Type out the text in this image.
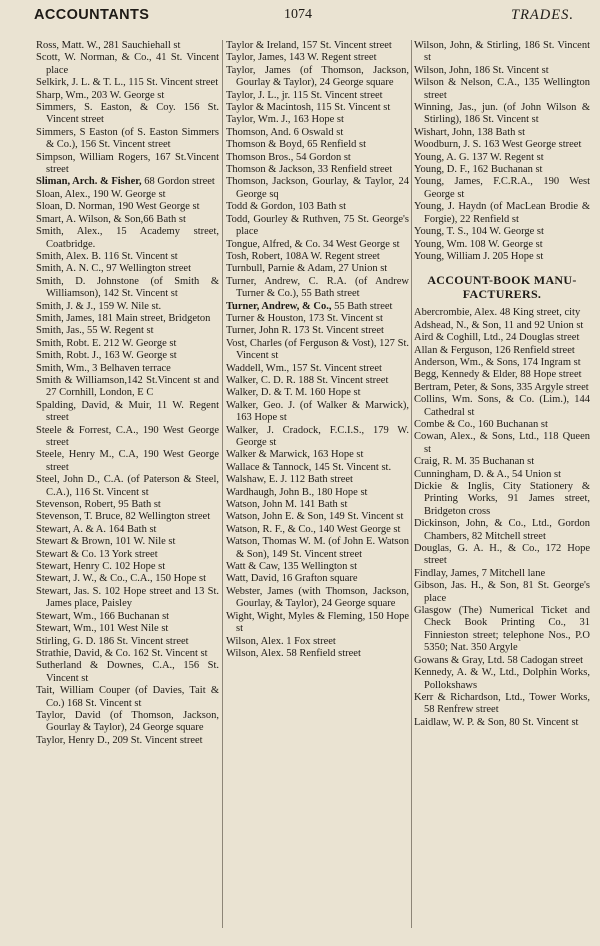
ACCOUNTANTS	1074	TRADES.

Ross, Matt. W., 281 Sauchiehall st

Scott, W. Norman, & Co., 41 St. Vincent place

Selkirk, J. L. & T. L., 115 St. Vincent street

Sharp, Wm., 203 W. George st

Simmers, S. Easton, & Coy. 156 St. Vincent street

Simmers, S Easton (of S. Easton Simmers & Co.), 156 St. Vincent street

Simpson, William Rogers, 167 St.Vincent street

Sliman, Arch. & Fisher, 68 Gordon street

Sloan, Alex., 190 W. George st

Sloan, D. Norman, 190 West George st

Smart, A. Wilson, & Son,66 Bath st

Smith, Alex., 15 Academy street, Coatbridge.

Smith, Alex. B. 116 St. Vincent st

Smith, A. N. C., 97 Wellington street

Smith, D. Johnstone (of Smith & Williamson), 142 St. Vincent st

Smith, J. & J., 159 W. Nile st.

Smith, James, 181 Main street, Bridgeton

Smith, Jas., 55 W. Regent st

Smith, Robt. E. 212 W. George st

Smith, Robt. J., 163 W. George st

Smith, Wm., 3 Belhaven terrace

Smith & Williamson,142 St.Vincent st and 27 Cornhill, London, E C

Spalding, David, & Muir, 11 W. Regent street

Steele & Forrest, C.A., 190 West George street

Steele, Henry M., C.A, 190 West George street

Steel, John D., C.A. (of Paterson & Steel, C.A.), 116 St. Vincent st

Stevenson, Robert, 95 Bath st

Stevenson, T. Bruce, 82 Wellington street

Stewart, A. & A. 164 Bath st

Stewart & Brown, 101 W. Nile st

Stewart & Co. 13 York street

Stewart, Henry C. 102 Hope st

Stewart, J. W., & Co., C.A., 150 Hope st

Stewart, Jas. S. 102 Hope street and 13 St. James place, Paisley

Stewart, Wm., 166 Buchanan st

Stewart, Wm., 101 West Nile st

Stirling, G. D. 186 St. Vincent street

Strathie, David, & Co. 162 St. Vincent st

Sutherland & Downes, C.A., 156 St. Vincent st

Tait, William Couper (of Davies, Tait & Co.) 168 St. Vincent st

Taylor, David (of Thomson, Jackson, Gourlay & Taylor), 24 George square

Taylor, Henry D., 209 St. Vincent street

Taylor & Ireland, 157 St. Vincent street

Taylor, James, 143 W. Regent street

Taylor, James (of Thomson, Jackson, Gourlay & Taylor), 24 George square

Taylor, J. L., jr. 115 St. Vincent street

Taylor & Macintosh, 115 St. Vincent st

Taylor, Wm. J., 163 Hope st

Thomson, And. 6 Oswald st

Thomson & Boyd, 65 Renfield st

Thomson Bros., 54 Gordon st

Thomson & Jackson, 33 Renfield street

Thomson, Jackson, Gourlay, & Taylor, 24 George sq

Todd & Gordon, 103 Bath st

Todd, Gourley & Ruthven, 75 St. George's place

Tongue, Alfred, & Co. 34 West George st

Tosh, Robert, 108A W. Regent street

Turnbull, Parnie & Adam, 27 Union st

Turner, Andrew, C. R.A. (of Andrew Turner & Co.), 55 Bath street

Turner, Andrew, & Co., 55 Bath street

Turner & Houston, 173 St. Vincent st

Turner, John R. 173 St. Vincent street

Vost, Charles (of Ferguson & Vost), 127 St. Vincent st

Waddell, Wm., 157 St. Vincent street

Walker, C. D. R. 188 St. Vincent street

Walker, D. & T. M. 160 Hope st

Walker, Geo. J. (of Walker & Marwick), 163 Hope st

Walker, J. Cradock, F.C.I.S., 179 W. George st

Walker & Marwick, 163 Hope st

Wallace & Tannock, 145 St. Vincent st.

Walshaw, E. J. 112 Bath street

Wardhaugh, John B., 180 Hope st

Watson, John M. 141 Bath st

Watson, John E. & Son, 149 St. Vincent st

Watson, R. F., & Co., 140 West George st

Watson, Thomas W. M. (of John E. Watson & Son), 149 St. Vincent street

Watt & Caw, 135 Wellington st

Watt, David, 16 Grafton square

Webster, James (with Thomson, Jackson, Gourlay, & Taylor), 24 George square

Wight, Wight, Myles & Fleming, 150 Hope st

Wilson, Alex. 1 Fox street

Wilson, Alex. 58 Renfield street

Wilson, John, & Stirling, 186 St. Vincent st

Wilson, John, 186 St. Vincent st

Wilson & Nelson, C.A., 135 Wellington street

Winning, Jas., jun. (of John Wilson & Stirling), 186 St. Vincent st

Wishart, John, 138 Bath st

Woodburn, J. S. 163 West George street

Young, A. G. 137 W. Regent st

Young, D. F., 162 Buchanan st

Young, James, F.C.R.A., 190 West George st

Young, J. Haydn (of MacLean Brodie & Forgie), 22 Renfield st

Young, T. S., 104 W. George st

Young, Wm. 108 W. George st

Young, William J. 205 Hope st

ACCOUNT-BOOK MANU-
FACTURERS.

Abercrombie, Alex. 48 King street, city

Adshead, N., & Son, 11 and 92 Union st

Aird & Coghill, Ltd., 24 Douglas street

Allan & Ferguson, 126 Renfield street

Anderson, Wm., & Sons, 174 Ingram st

Begg, Kennedy & Elder, 88 Hope street

Bertram, Peter, & Sons, 335 Argyle street

Collins, Wm. Sons, & Co. (Lim.), 144 Cathedral st

Combe & Co., 160 Buchanan st

Cowan, Alex., & Sons, Ltd., 118 Queen st

Craig, R. M. 35 Buchanan st

Cunningham, D. & A., 54 Union st

Dickie & Inglis, City Stationery & Printing Works, 91 James street, Bridgeton cross

Dickinson, John, & Co., Ltd., Gordon Chambers, 82 Mitchell street

Douglas, G. A. H., & Co., 172 Hope street

Findlay, James, 7 Mitchell lane

Gibson, Jas. H., & Son, 81 St. George's place

Glasgow (The) Numerical Ticket and Check Book Printing Co., 31 Finnieston street; telephone Nos., P.O 5350; Nat. 350 Argyle

Gowans & Gray, Ltd. 58 Cadogan street

Kennedy, A. & W., Ltd., Dolphin Works, Pollokshaws

Kerr & Richardson, Ltd., Tower Works, 58 Renfrew street

Laidlaw, W. P. & Son, 80 St. Vincent st
